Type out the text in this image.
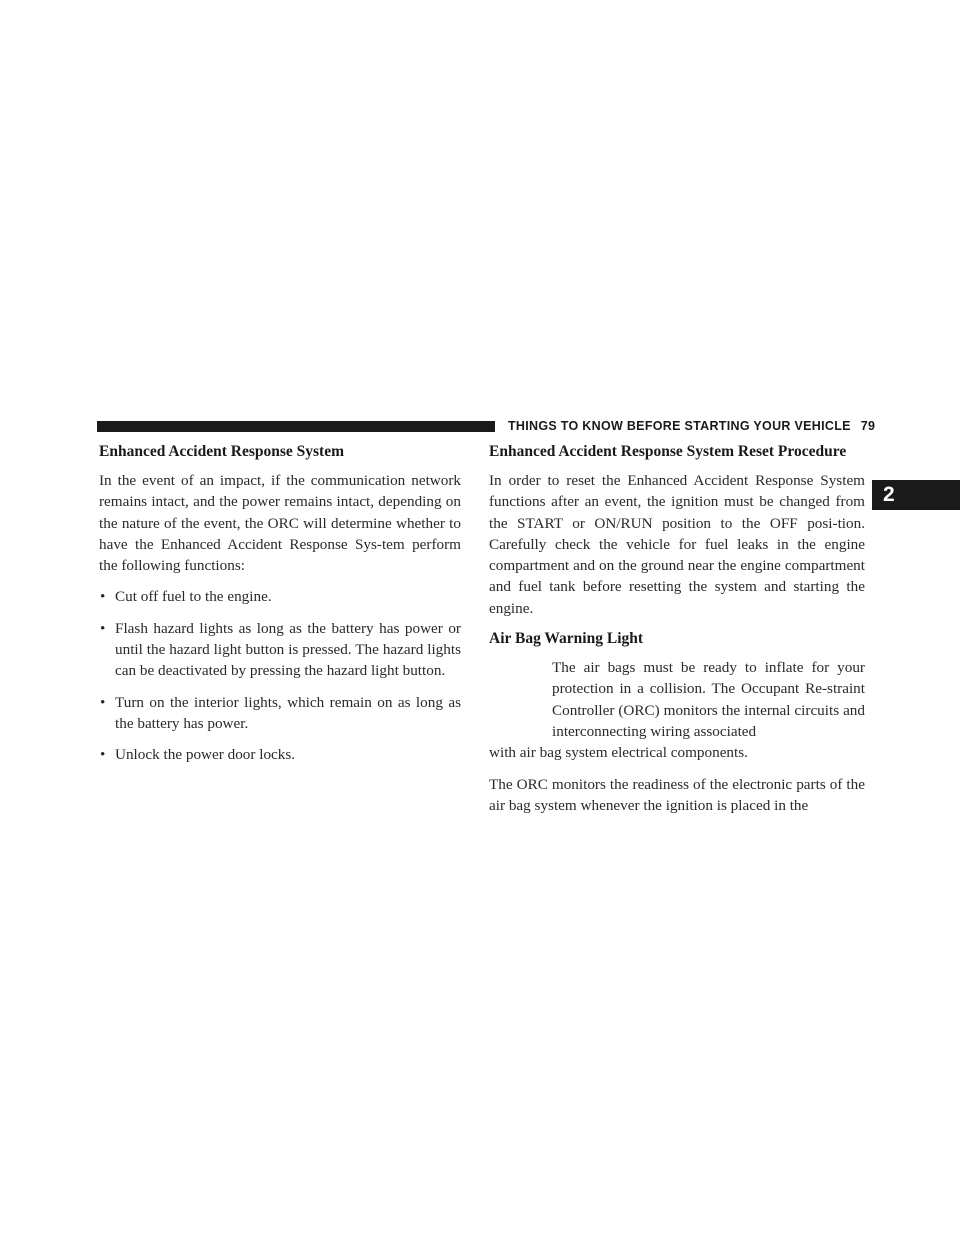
THINGS TO KNOW BEFORE STARTING YOUR VEHICLE 79
2
Enhanced Accident Response System

In the event of an impact, if the communication network remains intact, and the power remains intact, depending on the nature of the event, the ORC will determine whether to have the Enhanced Accident Response Sys-tem perform the following functions:

• Cut off fuel to the engine.
• Flash hazard lights as long as the battery has power or until the hazard light button is pressed. The hazard lights can be deactivated by pressing the hazard light button.
• Turn on the interior lights, which remain on as long as the battery has power.
• Unlock the power door locks.
Enhanced Accident Response System Reset Procedure

In order to reset the Enhanced Accident Response System functions after an event, the ignition must be changed from the START or ON/RUN position to the OFF posi-tion. Carefully check the vehicle for fuel leaks in the engine compartment and on the ground near the engine compartment and fuel tank before resetting the system and starting the engine.

Air Bag Warning Light

The air bags must be ready to inflate for your protection in a collision. The Occupant Re-straint Controller (ORC) monitors the internal circuits and interconnecting wiring associated

with air bag system electrical components.

The ORC monitors the readiness of the electronic parts of the air bag system whenever the ignition is placed in the
